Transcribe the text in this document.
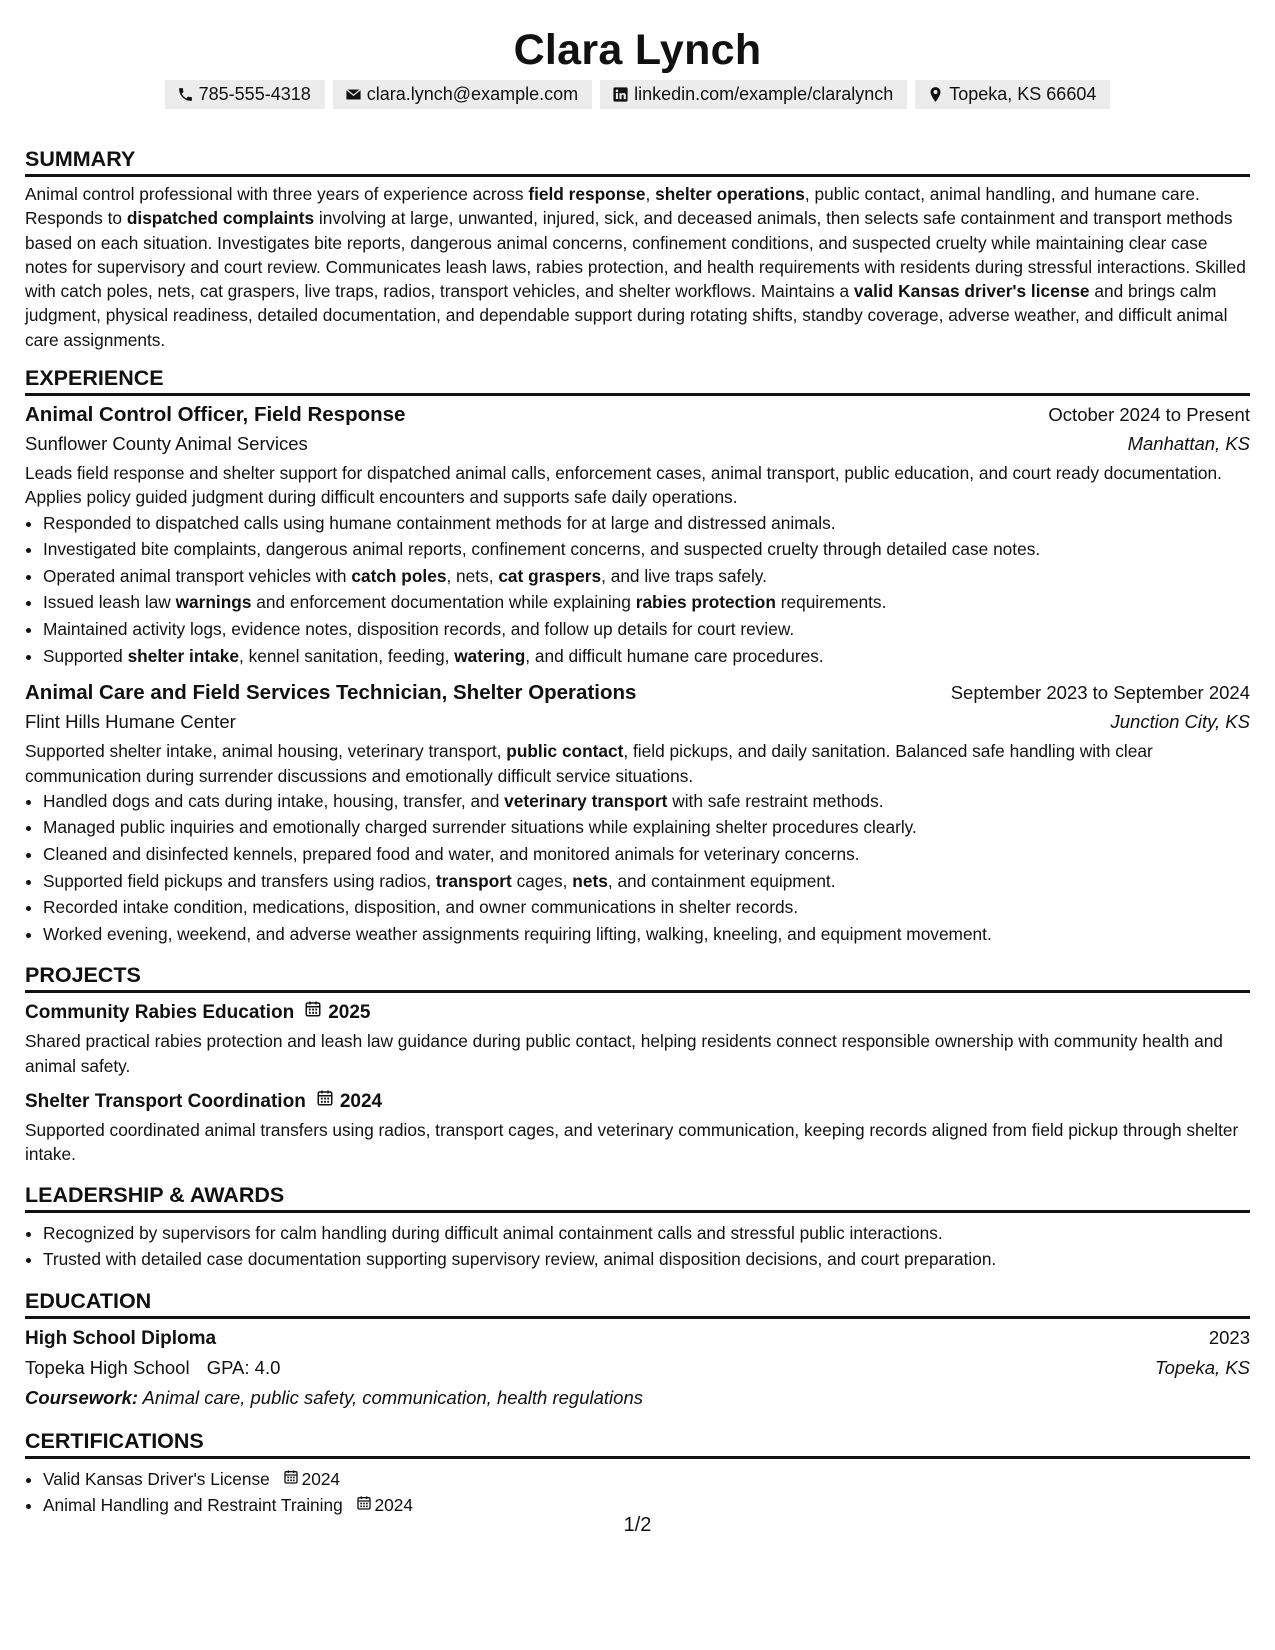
Clara Lynch
785-555-4318	clara.lynch@example.com	linkedin.com/example/claralynch	Topeka, KS 66604
SUMMARY

Animal control professional with three years of experience across field response, shelter operations, public contact, animal handling, and humane care. Responds to dispatched complaints involving at large, unwanted, injured, sick, and deceased animals, then selects safe containment and transport methods based on each situation. Investigates bite reports, dangerous animal concerns, confinement conditions, and suspected cruelty while maintaining clear case notes for supervisory and court review. Communicates leash laws, rabies protection, and health requirements with residents during stressful interactions. Skilled with catch poles, nets, cat graspers, live traps, radios, transport vehicles, and shelter workflows. Maintains a valid Kansas driver's license and brings calm judgment, physical readiness, detailed documentation, and dependable support during rotating shifts, standby coverage, adverse weather, and difficult animal care assignments.

EXPERIENCE
Animal Control Officer, Field Response	October 2024 to Present
Sunflower County Animal Services	Manhattan, KS

Leads field response and shelter support for dispatched animal calls, enforcement cases, animal transport, public education, and court ready documentation. Applies policy guided judgment during difficult encounters and supports safe daily operations.

• Responded to dispatched calls using humane containment methods for at large and distressed animals.
• Investigated bite complaints, dangerous animal reports, confinement concerns, and suspected cruelty through detailed case notes.
• Operated animal transport vehicles with catch poles, nets, cat graspers, and live traps safely.
• Issued leash law warnings and enforcement documentation while explaining rabies protection requirements.
• Maintained activity logs, evidence notes, disposition records, and follow up details for court review.
• Supported shelter intake, kennel sanitation, feeding, watering, and difficult humane care procedures.
Animal Care and Field Services Technician, Shelter Operations	September 2023 to September 2024
Flint Hills Humane Center	Junction City, KS

Supported shelter intake, animal housing, veterinary transport, public contact, field pickups, and daily sanitation. Balanced safe handling with clear communication during surrender discussions and emotionally difficult service situations.

• Handled dogs and cats during intake, housing, transfer, and veterinary transport with safe restraint methods.
• Managed public inquiries and emotionally charged surrender situations while explaining shelter procedures clearly.
• Cleaned and disinfected kennels, prepared food and water, and monitored animals for veterinary concerns.
• Supported field pickups and transfers using radios, transport cages, nets, and containment equipment.
• Recorded intake condition, medications, disposition, and owner communications in shelter records.
• Worked evening, weekend, and adverse weather assignments requiring lifting, walking, kneeling, and equipment movement.
PROJECTS
Community Rabies Education 2025

Shared practical rabies protection and leash law guidance during public contact, helping residents connect responsible ownership with community health and animal safety.

Shelter Transport Coordination 2024

Supported coordinated animal transfers using radios, transport cages, and veterinary communication, keeping records aligned from field pickup through shelter intake.

LEADERSHIP & AWARDS
• Recognized by supervisors for calm handling during difficult animal containment calls and stressful public interactions.
• Trusted with detailed case documentation supporting supervisory review, animal disposition decisions, and court preparation.
EDUCATION
High School Diploma	2023
Topeka High School GPA: 4.0	Topeka, KS
Coursework: Animal care, public safety, communication, health regulations
CERTIFICATIONS
• Valid Kansas Driver's License 2024
• Animal Handling and Restraint Training 2024
1/2
